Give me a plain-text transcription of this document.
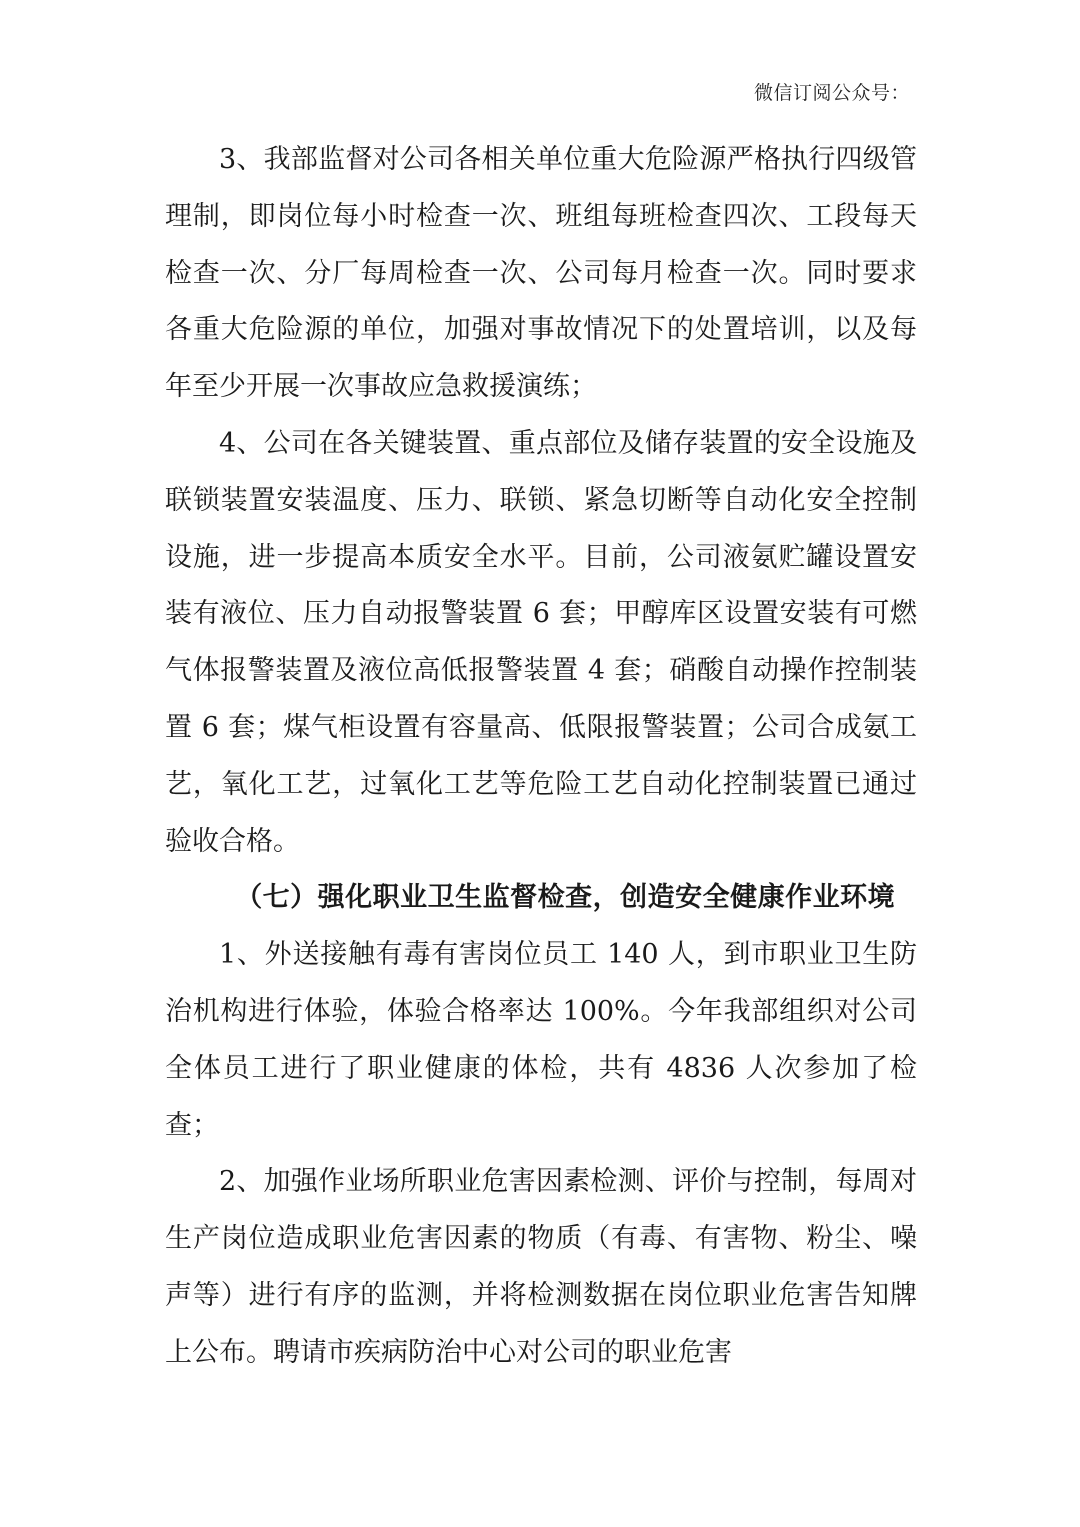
微信订阅公众号：

3、我部监督对公司各相关单位重大危险源严格执行四级管理制，即岗位每小时检查一次、班组每班检查四次、工段每天检查一次、分厂每周检查一次、公司每月检查一次。同时要求各重大危险源的单位，加强对事故情况下的处置培训，以及每年至少开展一次事故应急救援演练；

4、公司在各关键装置、重点部位及储存装置的安全设施及联锁装置安装温度、压力、联锁、紧急切断等自动化安全控制设施，进一步提高本质安全水平。目前，公司液氨贮罐设置安装有液位、压力自动报警装置 6 套；甲醇库区设置安装有可燃气体报警装置及液位高低报警装置 4 套；硝酸自动操作控制装置 6 套；煤气柜设置有容量高、低限报警装置；公司合成氨工艺，氧化工艺，过氧化工艺等危险工艺自动化控制装置已通过验收合格。

（七）强化职业卫生监督检查，创造安全健康作业环境

1、外送接触有毒有害岗位员工 140 人，到市职业卫生防治机构进行体验，体验合格率达 100%。今年我部组织对公司全体员工进行了职业健康的体检，共有 4836 人次参加了检查；

2、加强作业场所职业危害因素检测、评价与控制，每周对生产岗位造成职业危害因素的物质（有毒、有害物、粉尘、噪声等）进行有序的监测，并将检测数据在岗位职业危害告知牌上公布。聘请市疾病防治中心对公司的职业危害
